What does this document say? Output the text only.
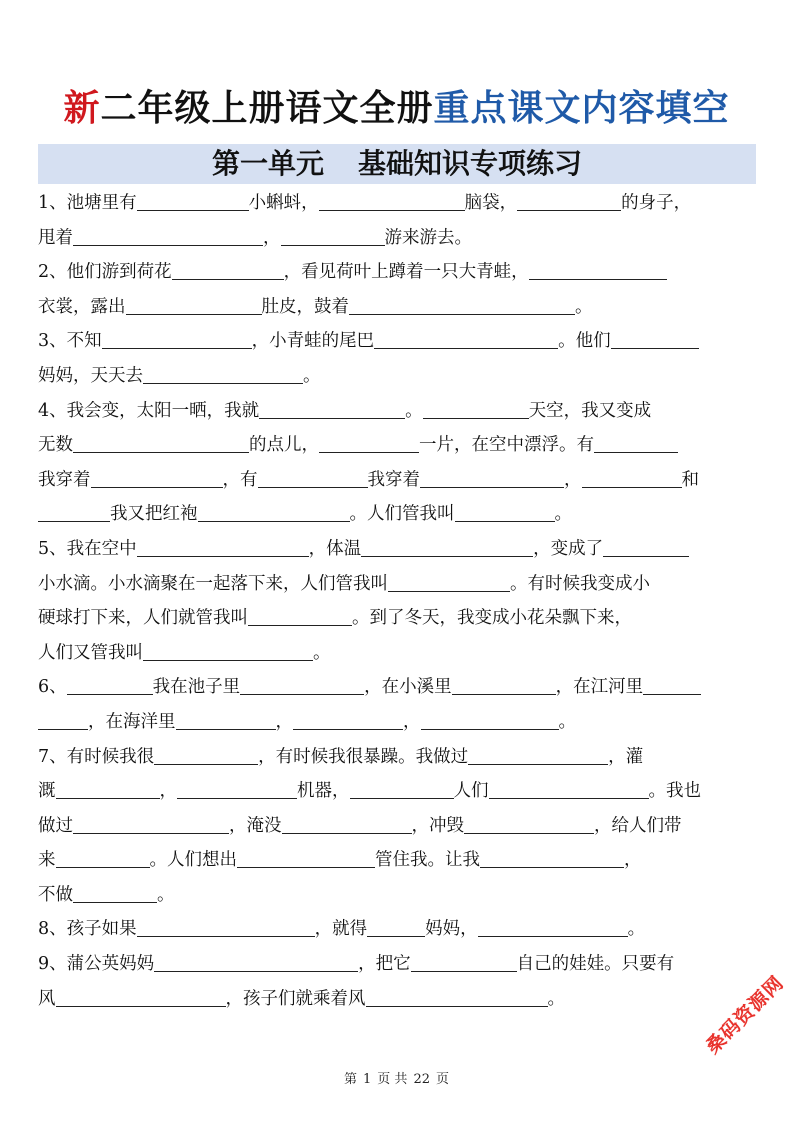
新二年级上册语文全册重点课文内容填空
第一单元 基础知识专项练习
1、池塘里有	小蝌蚪，	脑袋，	的身子，
甩着	，	游来游去。
2、他们游到荷花	，看见荷叶上蹲着一只大青蛙，
衣裳，露出	肚皮，鼓着	。
3、不知	，小青蛙的尾巴	。他们
妈妈，天天去	。
4、我会变，太阳一晒，我就	。	天空，我又变成
无数	的点儿，	一片，在空中漂浮。有
我穿着	，有	我穿着	，	和
我又把红袍	。人们管我叫	。
5、我在空中	，体温	，变成了
小水滴。小水滴聚在一起落下来，人们管我叫	。有时候我变成小
硬球打下来，人们就管我叫	。到了冬天，我变成小花朵飘下来，
人们又管我叫	。
6、	我在池子里	，在小溪里	，在江河里
，在海洋里	，	，	。
7、有时候我很	，有时候我很暴躁。我做过	，灌
溉	，	机器，	人们	。我也
做过	，淹没	，冲毁	，给人们带
来	。人们想出	管住我。让我	，
不做	。
8、孩子如果	，就得	妈妈，	。
9、蒲公英妈妈	，把它	自己的娃娃。只要有
风	，孩子们就乘着风	。	桑码资源网
第 1 页 共 22 页
